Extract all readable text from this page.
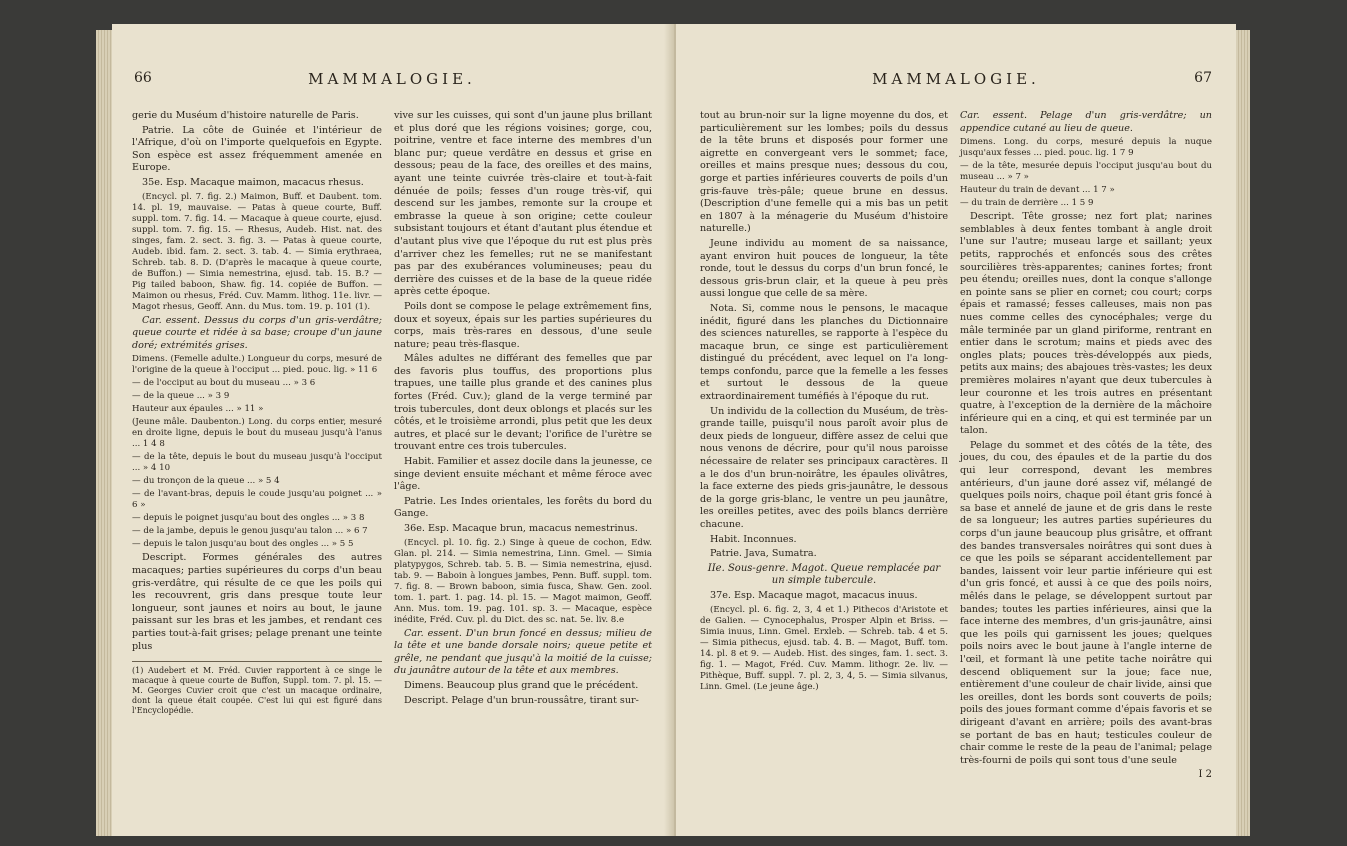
66	MAMMALOGIE.

gerie du Muséum d'histoire naturelle de Paris.

Patrie. La côte de Guinée et l'intérieur de l'Afrique, d'où on l'importe quelquefois en Egypte. Son espèce est assez fréquemment amenée en Europe.

35e. Esp. Macaque maimon, macacus rhesus.

(Encycl. pl. 7. fig. 2.) Maimon, Buff. et Daubent. tom. 14. pl. 19, mauvaise. — Patas à queue courte, Buff. suppl. tom. 7. fig. 14. — Macaque à queue courte, ejusd. suppl. tom. 7. fig. 15. — Rhesus, Audeb. Hist. nat. des singes, fam. 2. sect. 3. fig. 3. — Patas à queue courte, Audeb. ibid. fam. 2. sect. 3. tab. 4. — Simia erythraea, Schreb. tab. 8. D. (D'après le macaque à queue courte, de Buffon.) — Simia nemestrina, ejusd. tab. 15. B.? — Pig tailed baboon, Shaw. fig. 14. copiée de Buffon. — Maimon ou rhesus, Fréd. Cuv. Mamm. lithog. 11e. livr. — Magot rhesus, Geoff. Ann. du Mus. tom. 19. p. 101 (1).

Car. essent. Dessus du corps d'un gris-verdâtre; queue courte et ridée à sa base; croupe d'un jaune doré; extrémités grises.

Dimens. (Femelle adulte.) Longueur du corps, mesuré de l'origine de la queue à l'occiput ... pied. pouc. lig. » 11 6

— de l'occiput au bout du museau ... » 3 6

— de la queue ... » 3 9

Hauteur aux épaules ... » 11 »

(Jeune mâle. Daubenton.) Long. du corps entier, mesuré en droite ligne, depuis le bout du museau jusqu'à l'anus ... 1 4 8

— de la tête, depuis le bout du museau jusqu'à l'occiput ... » 4 10

— du tronçon de la queue ... » 5 4

— de l'avant-bras, depuis le coude jusqu'au poignet ... » 6 »

— depuis le poignet jusqu'au bout des ongles ... » 3 8

— de la jambe, depuis le genou jusqu'au talon ... » 6 7

— depuis le talon jusqu'au bout des ongles ... » 5 5

Descript. Formes générales des autres macaques; parties supérieures du corps d'un beau gris-verdâtre, qui résulte de ce que les poils qui les recouvrent, gris dans presque toute leur longueur, sont jaunes et noirs au bout, le jaune paissant sur les bras et les jambes, et rendant ces parties tout-à-fait grises; pelage prenant une teinte plus

(1) Audebert et M. Fréd. Cuvier rapportent à ce singe le macaque à queue courte de Buffon, Suppl. tom. 7. pl. 15. — M. Georges Cuvier croit que c'est un macaque ordinaire, dont la queue était coupée. C'est lui qui est figuré dans l'Encyclopédie.

vive sur les cuisses, qui sont d'un jaune plus brillant et plus doré que les régions voisines; gorge, cou, poitrine, ventre et face interne des membres d'un blanc pur; queue verdâtre en dessus et grise en dessous; peau de la face, des oreilles et des mains, ayant une teinte cuivrée très-claire et tout-à-fait dénuée de poils; fesses d'un rouge très-vif, qui descend sur les jambes, remonte sur la croupe et embrasse la queue à son origine; cette couleur subsistant toujours et étant d'autant plus étendue et d'autant plus vive que l'époque du rut est plus près d'arriver chez les femelles; rut ne se manifestant pas par des exubérances volumineuses; peau du derrière des cuisses et de la base de la queue ridée après cette époque.

Poils dont se compose le pelage extrêmement fins, doux et soyeux, épais sur les parties supérieures du corps, mais très-rares en dessous, d'une seule nature; peau très-flasque.

Mâles adultes ne différant des femelles que par des favoris plus touffus, des proportions plus trapues, une taille plus grande et des canines plus fortes (Fréd. Cuv.); gland de la verge terminé par trois tubercules, dont deux oblongs et placés sur les côtés, et le troisième arrondi, plus petit que les deux autres, et placé sur le devant; l'orifice de l'urètre se trouvant entre ces trois tubercules.

Habit. Familier et assez docile dans la jeunesse, ce singe devient ensuite méchant et même féroce avec l'âge.

Patrie. Les Indes orientales, les forêts du bord du Gange.

36e. Esp. Macaque brun, macacus nemestrinus.

(Encycl. pl. 10. fig. 2.) Singe à queue de cochon, Edw. Glan. pl. 214. — Simia nemestrina, Linn. Gmel. — Simia platypygos, Schreb. tab. 5. B. — Simia nemestrina, ejusd. tab. 9. — Baboin à longues jambes, Penn. Buff. suppl. tom. 7. fig. 8. — Brown baboon, simia fusca, Shaw. Gen. zool. tom. 1. part. 1. pag. 14. pl. 15. — Magot maimon, Geoff. Ann. Mus. tom. 19. pag. 101. sp. 3. — Macaque, espèce inédite, Fréd. Cuv. pl. du Dict. des sc. nat. 5e. liv. 8.e

Car. essent. D'un brun foncé en dessus; milieu de la tête et une bande dorsale noirs; queue petite et grêle, ne pendant que jusqu'à la moitié de la cuisse; du jaunâtre autour de la tête et aux membres.

Dimens. Beaucoup plus grand que le précédent.

Descript. Pelage d'un brun-roussâtre, tirant sur-

67
MAMMALOGIE.

tout au brun-noir sur la ligne moyenne du dos, et particulièrement sur les lombes; poils du dessus de la tête bruns et disposés pour former une aigrette en convergeant vers le sommet; face, oreilles et mains presque nues; dessous du cou, gorge et parties inférieures couverts de poils d'un gris-fauve très-pâle; queue brune en dessus. (Description d'une femelle qui a mis bas un petit en 1807 à la ménagerie du Muséum d'histoire naturelle.)

Jeune individu au moment de sa naissance, ayant environ huit pouces de longueur, la tête ronde, tout le dessus du corps d'un brun foncé, le dessous gris-brun clair, et la queue à peu près aussi longue que celle de sa mère.

Nota. Si, comme nous le pensons, le macaque inédit, figuré dans les planches du Dictionnaire des sciences naturelles, se rapporte à l'espèce du macaque brun, ce singe est particulièrement distingué du précédent, avec lequel on l'a long-temps confondu, parce que la femelle a les fesses et surtout le dessous de la queue extraordinairement tuméfiés à l'époque du rut.

Un individu de la collection du Muséum, de très-grande taille, puisqu'il nous paroît avoir plus de deux pieds de longueur, diffère assez de celui que nous venons de décrire, pour qu'il nous paroisse nécessaire de relater ses principaux caractères. Il a le dos d'un brun-noirâtre, les épaules olivâtres, la face externe des pieds gris-jaunâtre, le dessous de la gorge gris-blanc, le ventre un peu jaunâtre, les oreilles petites, avec des poils blancs derrière chacune.

Habit. Inconnues.

Patrie. Java, Sumatra.

IIe. Sous-genre. Magot. Queue remplacée par un simple tubercule.

37e. Esp. Macaque magot, macacus inuus.

(Encycl. pl. 6. fig. 2, 3, 4 et 1.) Pithecos d'Aristote et de Galien. — Cynocephalus, Prosper Alpin et Briss. — Simia inuus, Linn. Gmel. Erxleb. — Schreb. tab. 4 et 5. — Simia pithecus, ejusd. tab. 4. B. — Magot, Buff. tom. 14. pl. 8 et 9. — Audeb. Hist. des singes, fam. 1. sect. 3. fig. 1. — Magot, Fréd. Cuv. Mamm. lithogr. 2e. liv. — Pithèque, Buff. suppl. 7. pl. 2, 3, 4, 5. — Simia silvanus, Linn. Gmel. (Le jeune âge.)

Car. essent. Pelage d'un gris-verdâtre; un appendice cutané au lieu de queue.

Dimens. Long. du corps, mesuré depuis la nuque jusqu'aux fesses ... pied. pouc. lig. 1 7 9

— de la tête, mesurée depuis l'occiput jusqu'au bout du museau ... » 7 »

Hauteur du train de devant ... 1 7 »

— du train de derrière ... 1 5 9

Descript. Tête grosse; nez fort plat; narines semblables à deux fentes tombant à angle droit l'une sur l'autre; museau large et saillant; yeux petits, rapprochés et enfoncés sous des crêtes sourcilières très-apparentes; canines fortes; front peu étendu; oreilles nues, dont la conque s'allonge en pointe sans se plier en cornet; cou court; corps épais et ramassé; fesses calleuses, mais non pas nues comme celles des cynocéphales; verge du mâle terminée par un gland piriforme, rentrant en entier dans le scrotum; mains et pieds avec des ongles plats; pouces très-développés aux pieds, petits aux mains; des abajoues très-vastes; les deux premières molaires n'ayant que deux tubercules à leur couronne et les trois autres en présentant quatre, à l'exception de la dernière de la mâchoire inférieure qui en a cinq, et qui est terminée par un talon.

Pelage du sommet et des côtés de la tête, des joues, du cou, des épaules et de la partie du dos qui leur correspond, devant les membres antérieurs, d'un jaune doré assez vif, mélangé de quelques poils noirs, chaque poil étant gris foncé à sa base et annelé de jaune et de gris dans le reste de sa longueur; les autres parties supérieures du corps d'un jaune beaucoup plus grisâtre, et offrant des bandes transversales noirâtres qui sont dues à ce que les poils se séparant accidentellement par bandes, laissent voir leur partie inférieure qui est d'un gris foncé, et aussi à ce que des poils noirs, mêlés dans le pelage, se développent surtout par bandes; toutes les parties inférieures, ainsi que la face interne des membres, d'un gris-jaunâtre, ainsi que les poils qui garnissent les joues; quelques poils noirs avec le bout jaune à l'angle interne de l'œil, et formant là une petite tache noirâtre qui descend obliquement sur la joue; face nue, entièrement d'une couleur de chair livide, ainsi que les oreilles, dont les bords sont couverts de poils; poils des joues formant comme d'épais favoris et se dirigeant d'avant en arrière; poils des avant-bras se portant de bas en haut; testicules couleur de chair comme le reste de la peau de l'animal; pelage très-fourni de poils qui sont tous d'une seule

I 2
